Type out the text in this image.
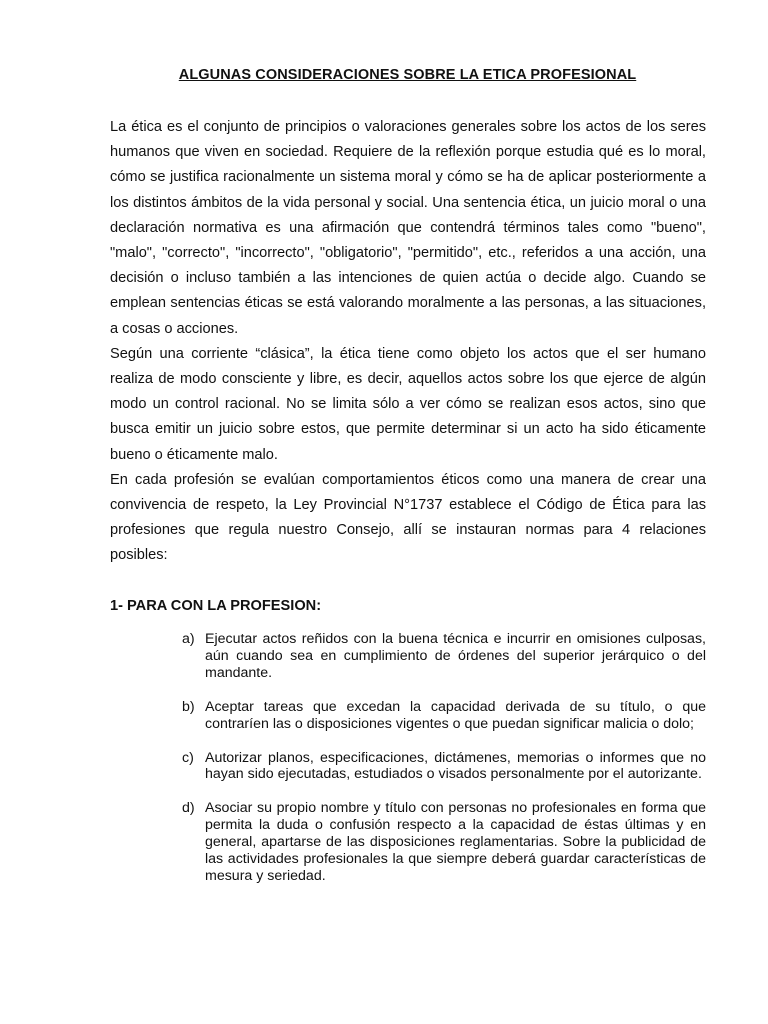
ALGUNAS CONSIDERACIONES SOBRE LA ETICA PROFESIONAL

La ética es el conjunto de principios o valoraciones generales sobre los actos de los seres humanos que viven en sociedad. Requiere de la reflexión porque estudia qué es lo moral, cómo se justifica racionalmente un sistema moral y cómo se ha de aplicar posteriormente a los distintos ámbitos de la vida personal y social. Una sentencia ética, un juicio moral o una declaración normativa es una afirmación que contendrá términos tales como "bueno", "malo", "correcto", "incorrecto", "obligatorio", "permitido", etc., referidos a una acción, una decisión o incluso también a las intenciones de quien actúa o decide algo. Cuando se emplean sentencias éticas se está valorando moralmente a las personas, a las situaciones, a cosas o acciones.

Según una corriente “clásica”, la ética tiene como objeto los actos que el ser humano realiza de modo consciente y libre, es decir, aquellos actos sobre los que ejerce de algún modo un control racional. No se limita sólo a ver cómo se realizan esos actos, sino que busca emitir un juicio sobre estos, que permite determinar si un acto ha sido éticamente bueno o éticamente malo.

En cada profesión se evalúan comportamientos éticos como una manera de crear una convivencia de respeto, la Ley Provincial N°1737 establece el Código de Ética para las profesiones que regula nuestro Consejo, allí se instauran normas para 4 relaciones posibles:

1- PARA CON LA PROFESION:
a) Ejecutar actos reñidos con la buena técnica e incurrir en omisiones culposas, aún cuando sea en cumplimiento de órdenes del superior jerárquico o del mandante.
b) Aceptar tareas que excedan la capacidad derivada de su título, o que contraríen las o disposiciones vigentes o que puedan significar malicia o dolo;
c) Autorizar planos, especificaciones, dictámenes, memorias o informes que no hayan sido ejecutadas, estudiados o visados personalmente por el autorizante.
d) Asociar su propio nombre y título con personas no profesionales en forma que permita la duda o confusión respecto a la capacidad de éstas últimas y en general, apartarse de las disposiciones reglamentarias. Sobre la publicidad de las actividades profesionales la que siempre deberá guardar características de mesura y seriedad.
